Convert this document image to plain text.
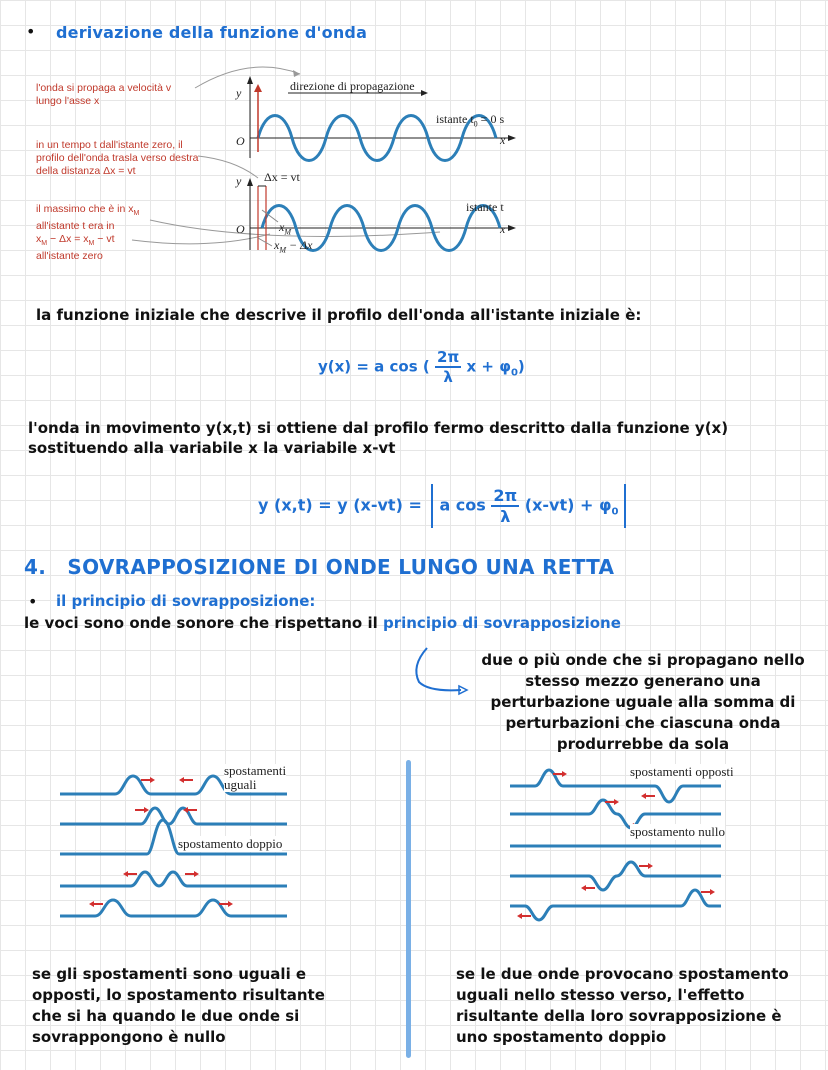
• derivazione della funzione d'onda
l'onda si propaga a velocità v lungo l'asse x
in un tempo t dall'istante zero, il profilo dell'onda trasla verso destra della distanza Δx = vt
il massimo che è in $x_M$
all'istante t era in
$x_M - \Delta x = x_M$ − vt
all'istante zero
direzione di propagazione
y
O	x
istante $t_0 = 0$ s
y Δx = vt
istante t
O	x
$x_M$
$x_M - \Delta x$
la funzione iniziale che descrive il profilo dell'onda all'istante iniziale è:
y(x) = a cos ( $\frac{2\pi}{\lambda}$ $x + \varphi_0$)
l'onda in movimento y(x,t) si ottiene dal profilo fermo descritto dalla funzione y(x)
sostituendo alla variabile x la variabile x-vt
y (x,t) = y (x-vt) = a $\cos \frac{2\pi}{\lambda} (x-vt) + \varphi_0$
4. SOVRAPPOSIZIONE DI ONDE LUNGO UNA RETTA
• il principio di sovrapposizione:
le voci sono onde sonore che rispettano il principio di sovrapposizione
due o più onde che si propagano nello
stesso mezzo generano una
perturbazione uguale alla somma di
perturbazioni che ciascuna onda
produrrebbe da sola
spostamenti
uguali
spostamento doppio
spostamenti opposti
spostamento nullo
se gli spostamenti sono uguali e
opposti, lo spostamento risultante
che si ha quando le due onde si
sovrappongono è nullo
se le due onde provocano spostamento
uguali nello stesso verso, l'effetto
risultante della loro sovrapposizione è
uno spostamento doppio
